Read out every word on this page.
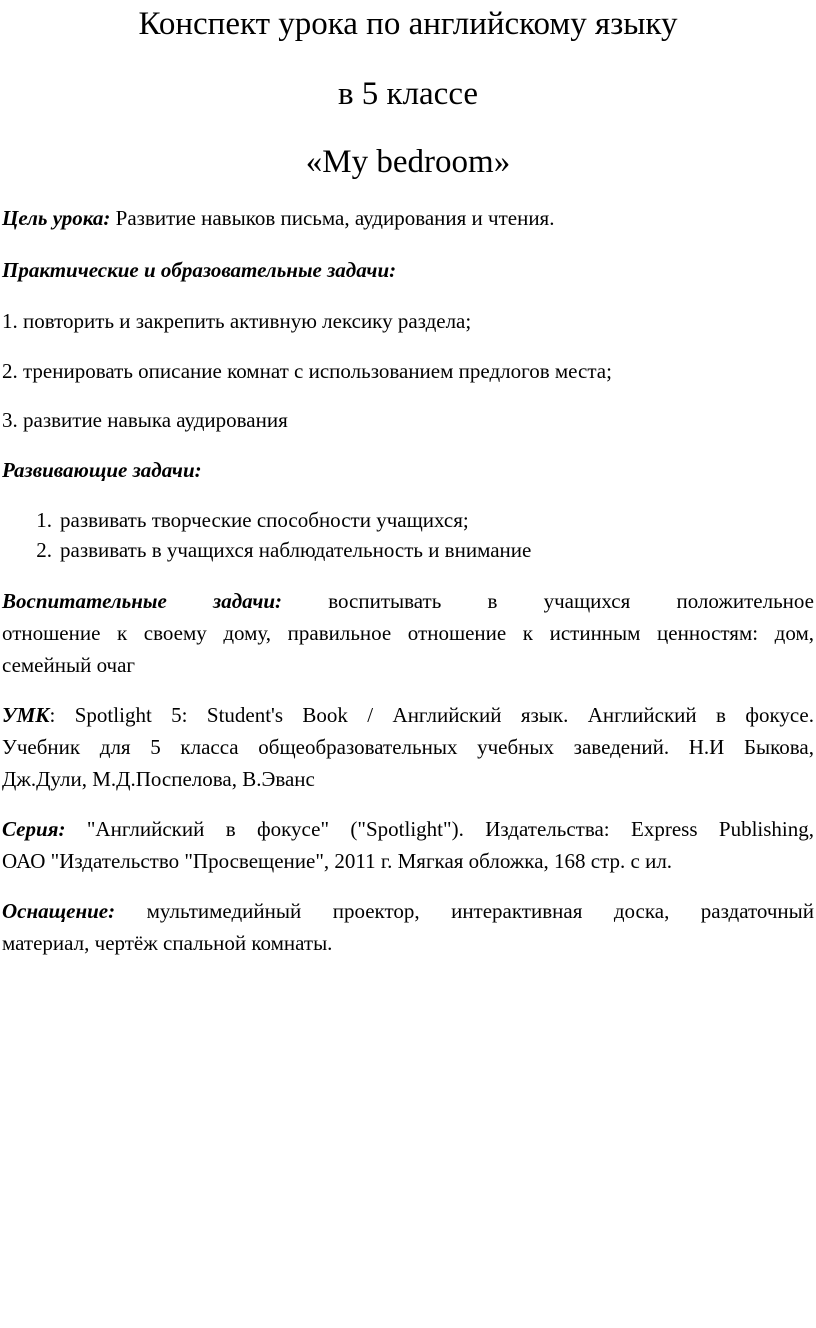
Конспект урока по английскому языку
в 5 классе
«My bedroom»
Цель урока: Развитие навыков письма, аудирования и чтения.
Практические и образовательные задачи:
1. повторить и закрепить активную лексику раздела;
2. тренировать описание комнат с использованием предлогов места;
3. развитие навыка аудирования
Развивающие задачи:
1. развивать творческие способности учащихся;
2. развивать в учащихся наблюдательность и внимание
Воспитательные задачи: воспитывать в учащихся положительное
отношение к своему дому, правильное отношение к истинным ценностям: дом,
семейный очаг
УМК: Spotlight 5: Student's Book / Английский язык. Английский в фокусе.
Учебник для 5 класса общеобразовательных учебных заведений. Н.И Быкова,
Дж.Дули, М.Д.Поспелова, В.Эванс
Серия: "Английский в фокусе" ("Spotlight"). Издательства: Express Publishing,
ОАО "Издательство "Просвещение", 2011 г. Мягкая обложка, 168 стр. с ил.
Оснащение: мультимедийный проектор, интерактивная доска, раздаточный
материал, чертёж спальной комнаты.
